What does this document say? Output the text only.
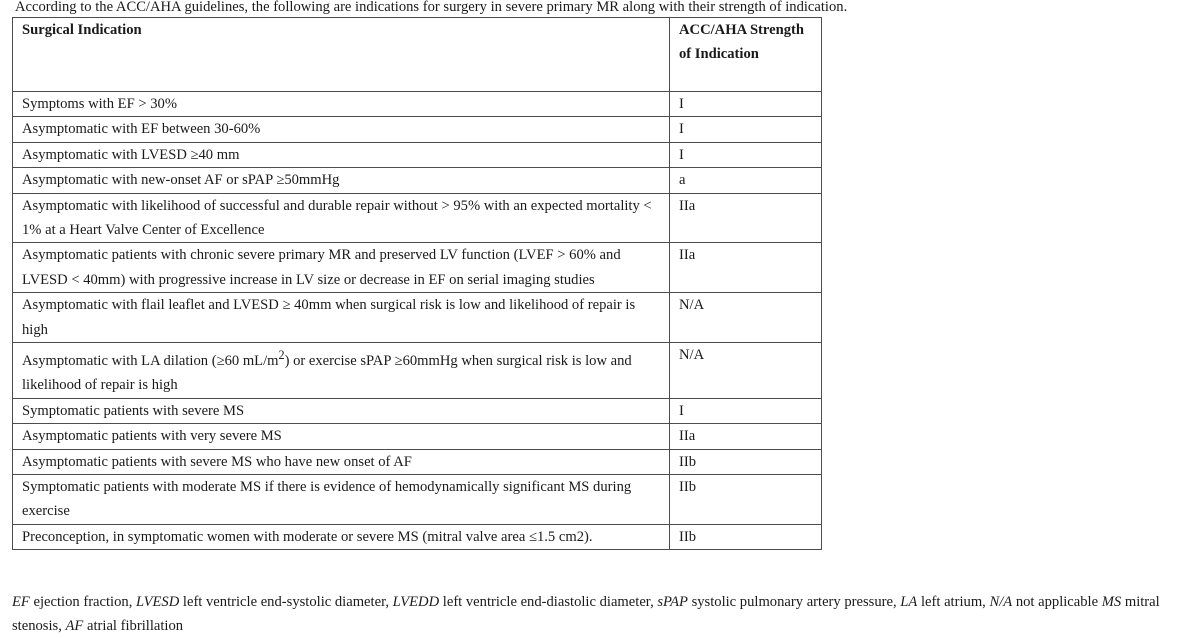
According to the ACC/AHA guidelines, the following are indications for surgery in severe primary MR along with their strength of indication.
Surgical Indication	ACC/AHA Strength of Indication
Symptoms with EF > 30%	I
Asymptomatic with EF between 30-60%	I
Asymptomatic with LVESD ≥40 mm	I
Asymptomatic with new-onset AF or sPAP ≥50mmHg	a
Asymptomatic with likelihood of successful and durable repair without > 95% with an expected mortality < 1% at a Heart Valve Center of Excellence	IIa
Asymptomatic patients with chronic severe primary MR and preserved LV function (LVEF > 60% and LVESD < 40mm) with progressive increase in LV size or decrease in EF on serial imaging studies	IIa
Asymptomatic with flail leaflet and LVESD ≥ 40mm when surgical risk is low and likelihood of repair is high	N/A
Asymptomatic with LA dilation (≥60 $mL/m^2$) or exercise sPAP ≥60mmHg when surgical risk is low and likelihood of repair is high	N/A
Symptomatic patients with severe MS	I
Asymptomatic patients with very severe MS	IIa
Asymptomatic patients with severe MS who have new onset of AF	IIb
Symptomatic patients with moderate MS if there is evidence of hemodynamically significant MS during exercise	IIb
Preconception, in symptomatic women with moderate or severe MS (mitral valve area ≤1.5 cm2).	IIb
EF ejection fraction, LVESD left ventricle end-systolic diameter, LVEDD left ventricle end-diastolic diameter, sPAP systolic pulmonary artery pressure, LA left atrium, N/A not applicable MS mitral stenosis, AF atrial fibrillation
